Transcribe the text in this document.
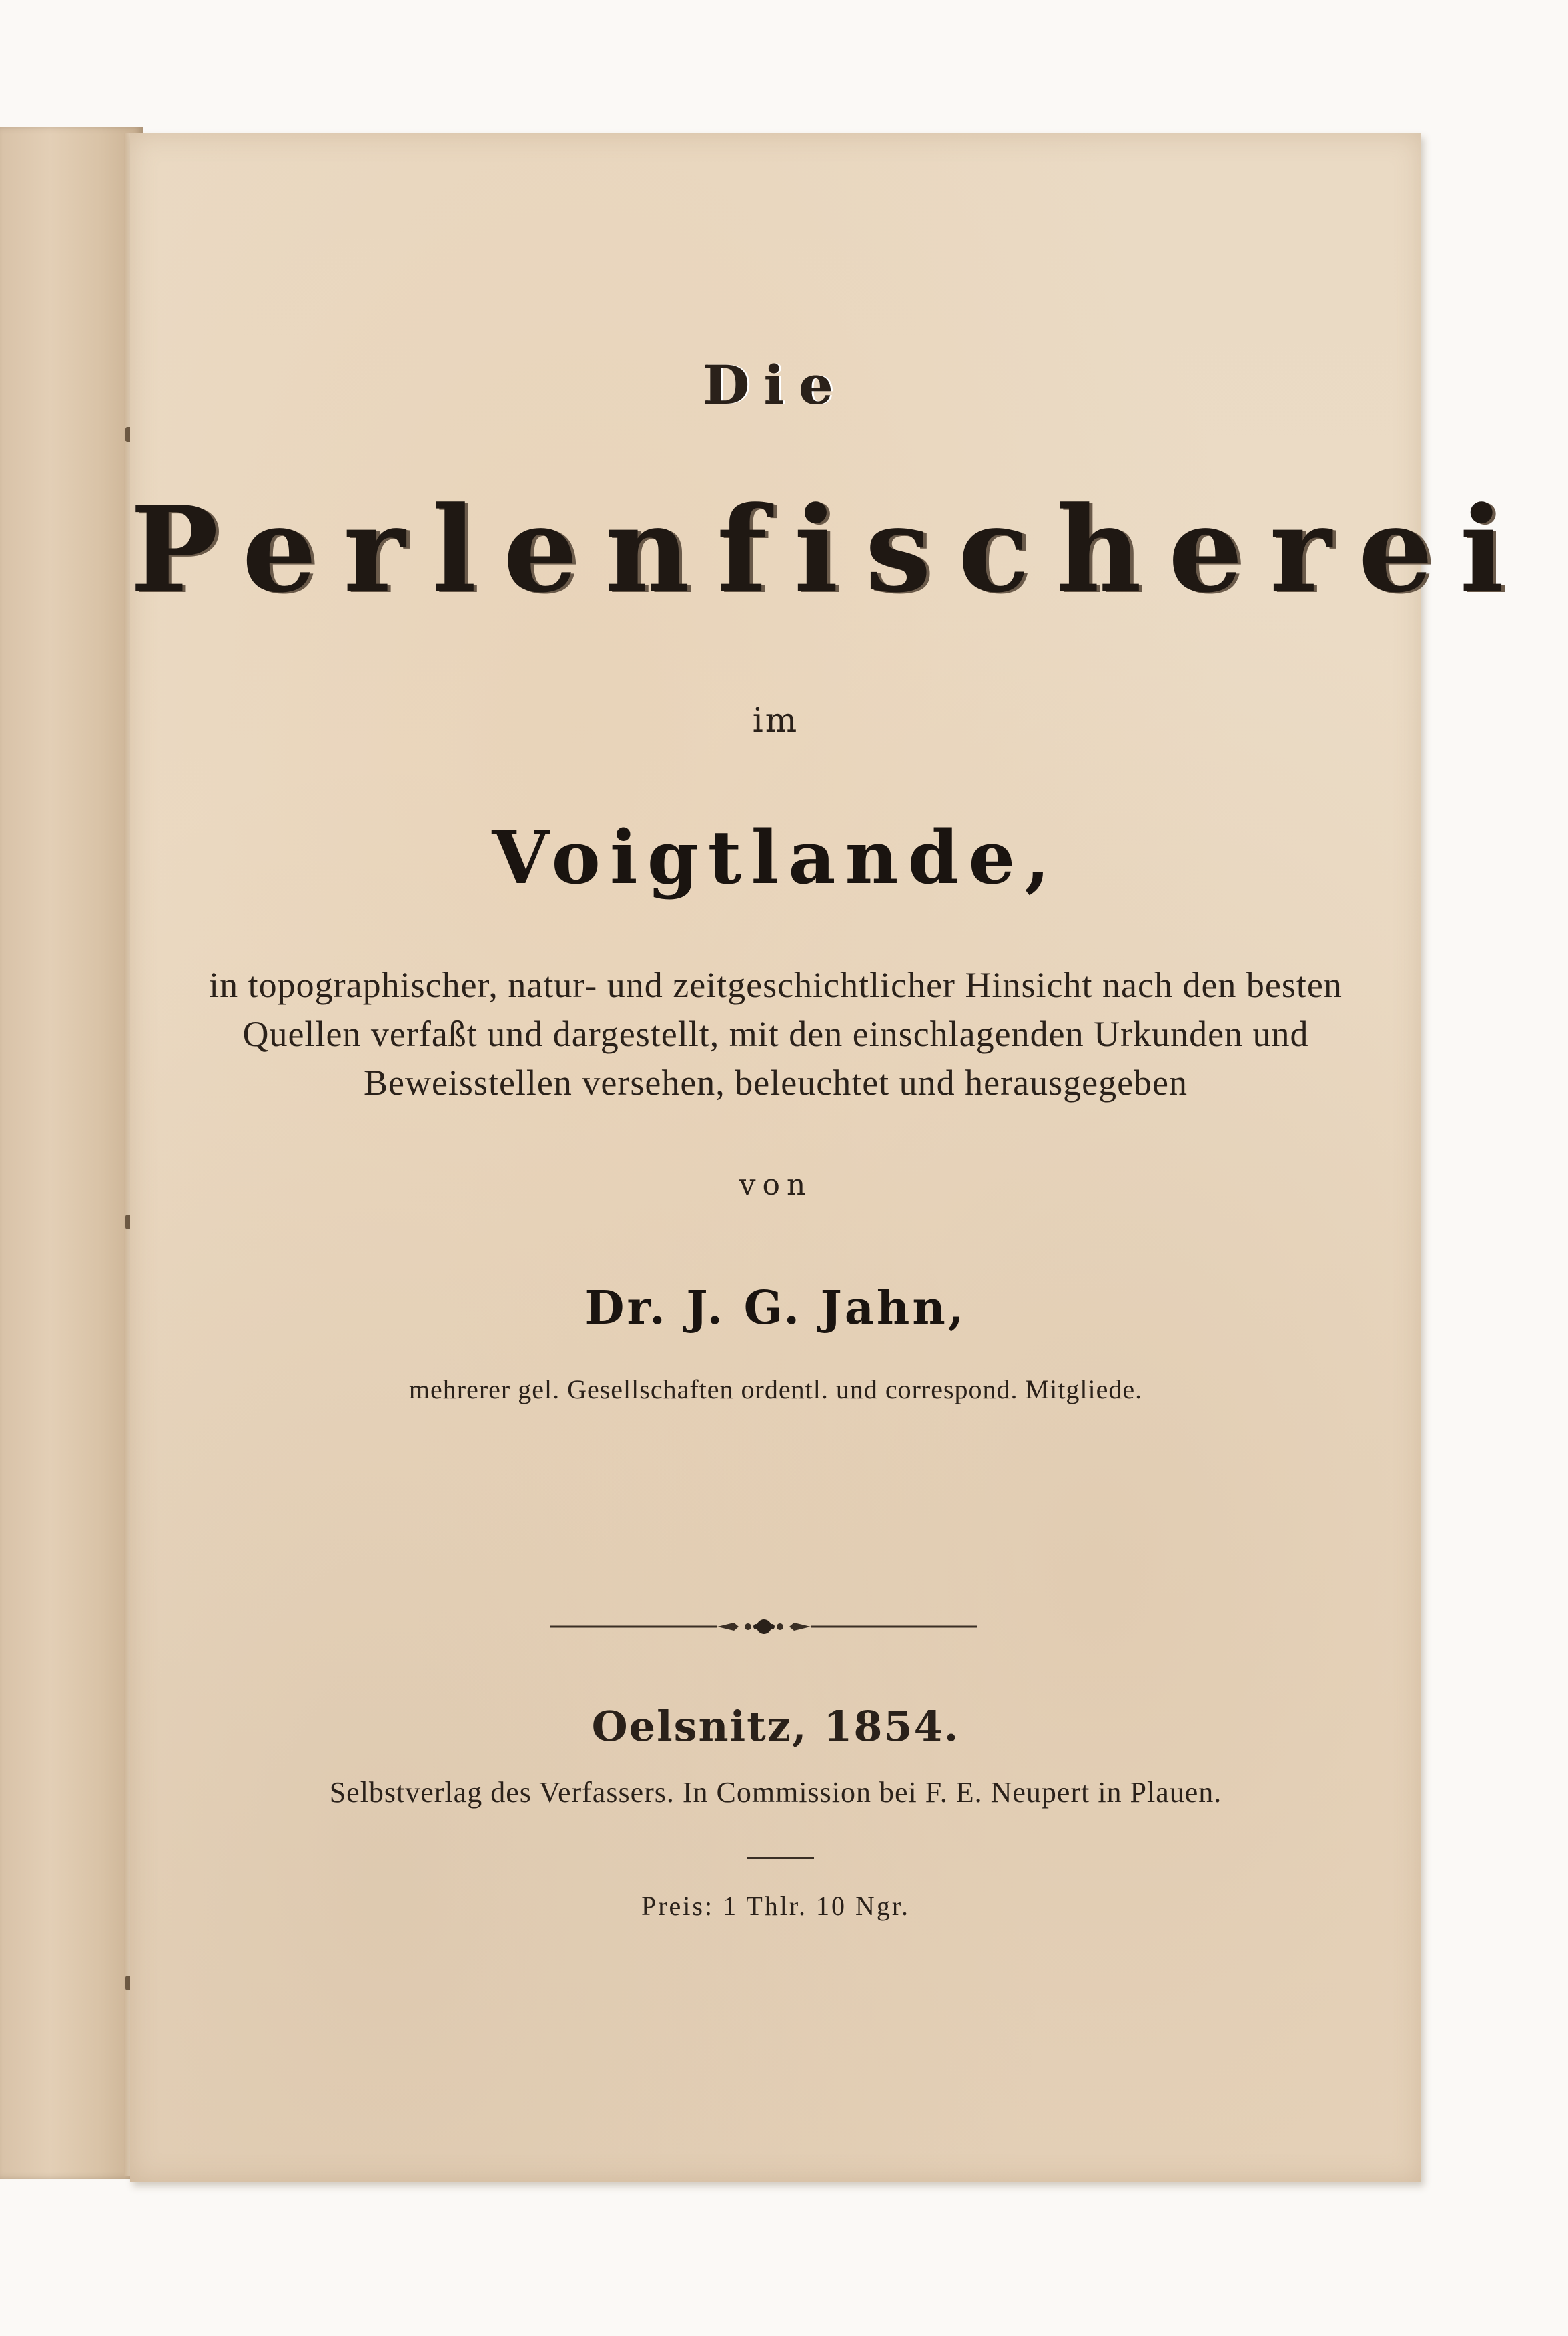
Die
Perlenfischerei
im
Voigtlande,
in topographischer, natur- und zeitgeschichtlicher Hinsicht nach den besten
Quellen verfaßt und dargestellt, mit den einschlagenden Urkunden und
Beweisstellen versehen, beleuchtet und herausgegeben
von
Dr. J. G. Jahn,
mehrerer gel. Gesellschaften ordentl. und correspond. Mitgliede.
Oelsnitz, 1854.
Selbstverlag des Verfassers. In Commission bei F. E. Neupert in Plauen.
Preis: 1 Thlr. 10 Ngr.
